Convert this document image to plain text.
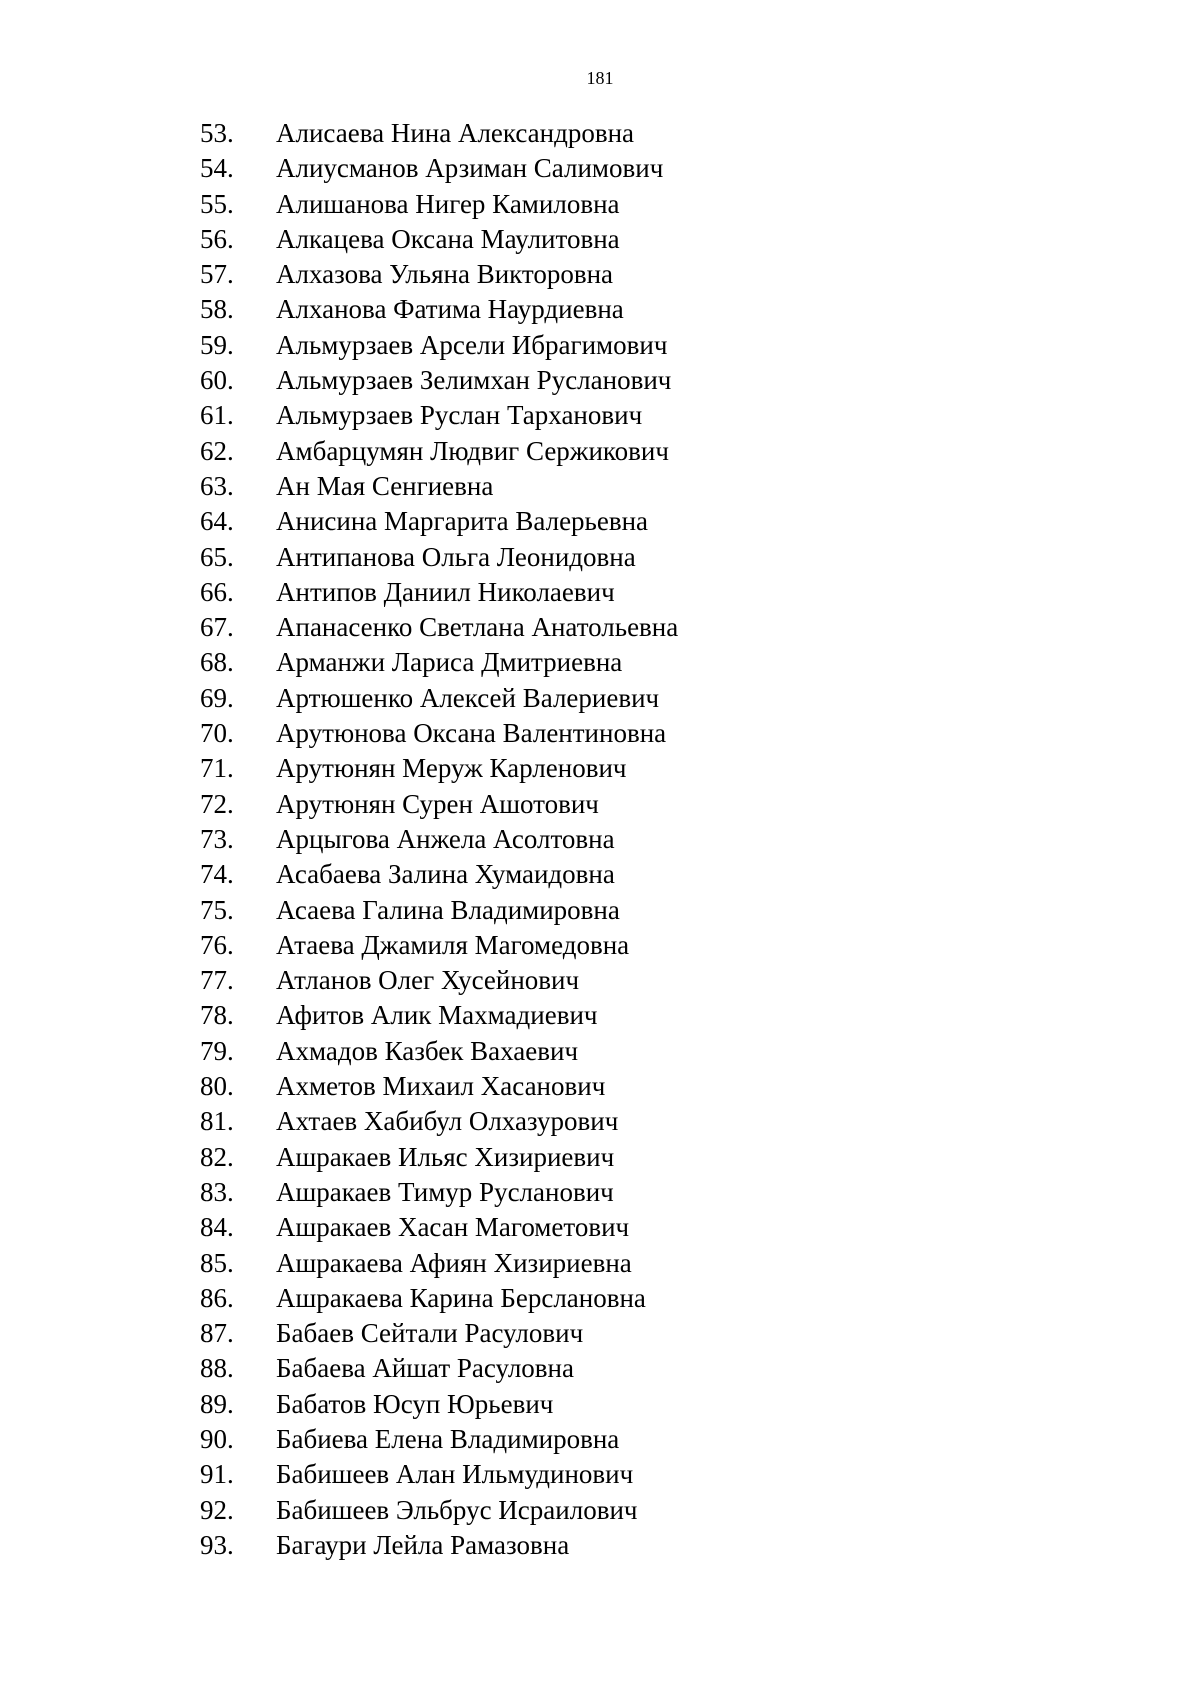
181
53.	Алисаева Нина Александровна
54.	Алиусманов Арзиман Салимович
55.	Алишанова Нигер Камиловна
56.	Алкацева Оксана Маулитовна
57.	Алхазова Ульяна Викторовна
58.	Алханова Фатима Наурдиевна
59.	Альмурзаев Арсели Ибрагимович
60.	Альмурзаев Зелимхан Русланович
61.	Альмурзаев Руслан Тарханович
62.	Амбарцумян Людвиг Сержикович
63.	Ан Мая Сенгиевна
64.	Анисина Маргарита Валерьевна
65.	Антипанова Ольга Леонидовна
66.	Антипов Даниил Николаевич
67.	Апанасенко Светлана Анатольевна
68.	Арманжи Лариса Дмитриевна
69.	Артюшенко Алексей Валериевич
70.	Арутюнова Оксана Валентиновна
71.	Арутюнян Меруж Карленович
72.	Арутюнян Сурен Ашотович
73.	Арцыгова Анжела Асолтовна
74.	Асабаева Залина Хумаидовна
75.	Асаева Галина Владимировна
76.	Атаева Джамиля Магомедовна
77.	Атланов Олег Хусейнович
78.	Афитов Алик Махмадиевич
79.	Ахмадов Казбек Вахаевич
80.	Ахметов Михаил Хасанович
81.	Ахтаев Хабибул Олхазурович
82.	Ашракаев Ильяс Хизириевич
83.	Ашракаев Тимур Русланович
84.	Ашракаев Хасан Магометович
85.	Ашракаева Афиян Хизириевна
86.	Ашракаева Карина Берслановна
87.	Бабаев Сейтали Расулович
88.	Бабаева Айшат Расуловна
89.	Бабатов Юсуп Юрьевич
90.	Бабиева Елена Владимировна
91.	Бабишеев Алан Ильмудинович
92.	Бабишеев Эльбрус Исраилович
93.	Багаури Лейла Рамазовна
